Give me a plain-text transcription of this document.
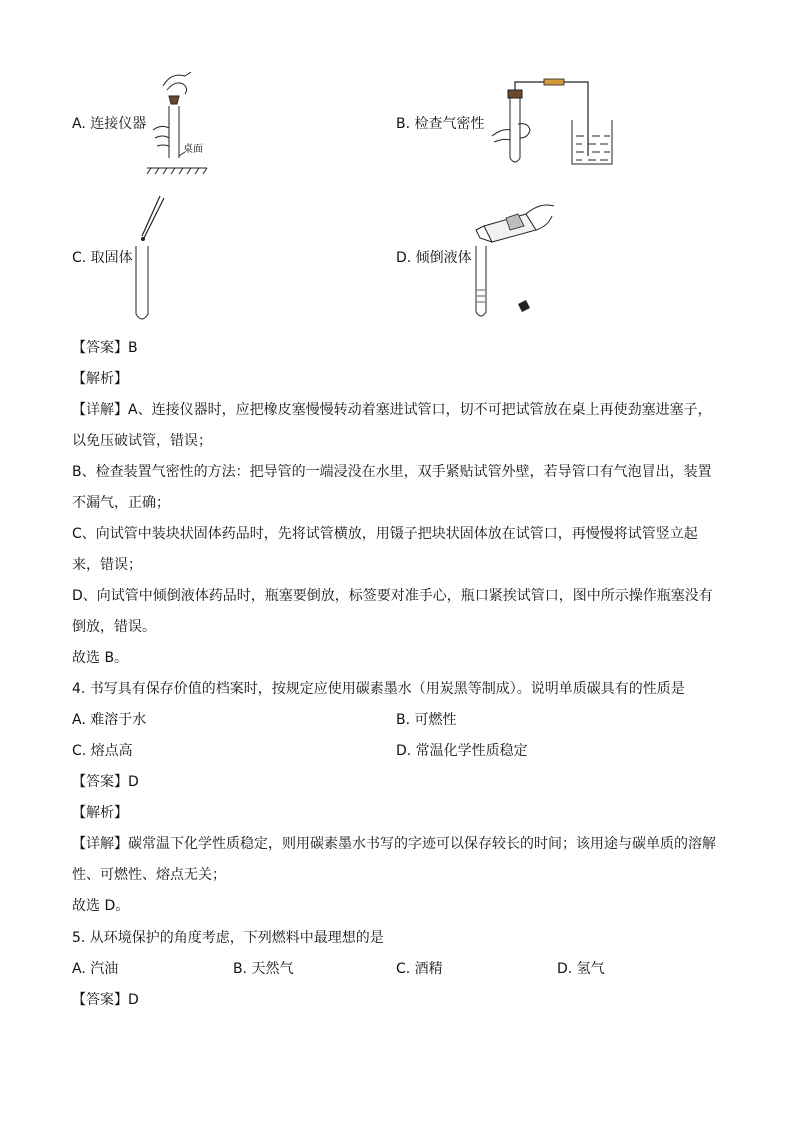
A. 连接仪器
桌面
B. 检查气密性
C. 取固体	D. 倾倒液体
【答案】B
【解析】
【详解】A、连接仪器时，应把橡皮塞慢慢转动着塞进试管口，切不可把试管放在桌上再使劲塞进塞子，
以免压破试管，错误；
B、检查装置气密性的方法：把导管的一端浸没在水里，双手紧贴试管外壁，若导管口有气泡冒出，装置
不漏气，正确；
C、向试管中装块状固体药品时，先将试管横放，用镊子把块状固体放在试管口，再慢慢将试管竖立起
来，错误；
D、向试管中倾倒液体药品时，瓶塞要倒放，标签要对准手心，瓶口紧挨试管口，图中所示操作瓶塞没有
倒放，错误。
故选 B。
4. 书写具有保存价值的档案时，按规定应使用碳素墨水（用炭黑等制成）。说明单质碳具有的性质是
A. 难溶于水	B. 可燃性
C. 熔点高	D. 常温化学性质稳定
【答案】D
【解析】
【详解】碳常温下化学性质稳定，则用碳素墨水书写的字迹可以保存较长的时间；该用途与碳单质的溶解
性、可燃性、熔点无关；
故选 D。
5. 从环境保护的角度考虑，下列燃料中最理想的是
A. 汽油	B. 天然气	C. 酒精	D. 氢气
【答案】D
